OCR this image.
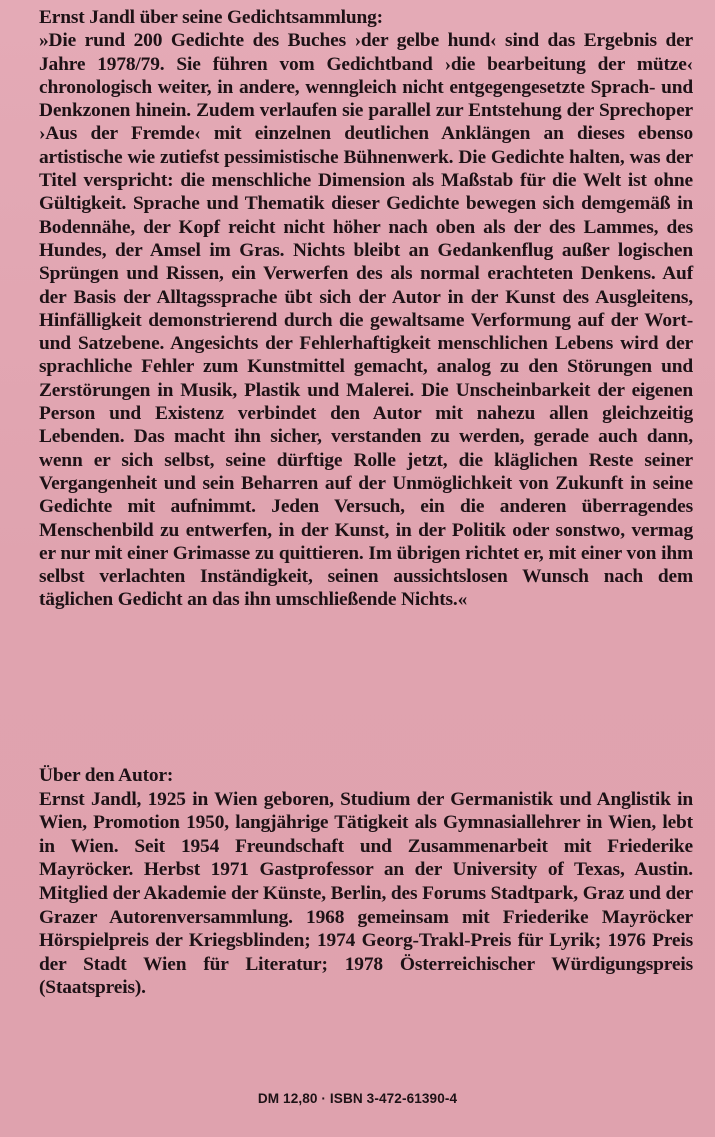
Ernst Jandl über seine Gedichtsammlung:

»Die rund 200 Gedichte des Buches ›der gelbe hund‹ sind das Ergebnis der Jahre 1978/79. Sie führen vom Gedichtband ›die bearbeitung der mütze‹ chronologisch weiter, in andere, wenngleich nicht entgegengesetzte Sprach- und Denkzonen hinein. Zudem verlaufen sie parallel zur Entstehung der Sprechoper ›Aus der Fremde‹ mit einzelnen deutlichen Anklängen an dieses ebenso artistische wie zutiefst pessimistische Bühnenwerk. Die Gedichte halten, was der Titel verspricht: die menschliche Dimension als Maßstab für die Welt ist ohne Gültigkeit. Sprache und Thematik dieser Gedichte bewegen sich demgemäß in Bodennähe, der Kopf reicht nicht höher nach oben als der des Lammes, des Hundes, der Amsel im Gras. Nichts bleibt an Gedankenflug außer logischen Sprüngen und Rissen, ein Verwerfen des als normal erachteten Denkens. Auf der Basis der Alltagssprache übt sich der Autor in der Kunst des Ausgleitens, Hinfälligkeit demonstrierend durch die gewaltsame Verformung auf der Wort- und Satzebene. Angesichts der Fehlerhaftigkeit menschlichen Lebens wird der sprachliche Fehler zum Kunstmittel gemacht, analog zu den Störungen und Zerstörungen in Musik, Plastik und Malerei. Die Unscheinbarkeit der eigenen Person und Existenz verbindet den Autor mit nahezu allen gleichzeitig Lebenden. Das macht ihn sicher, verstanden zu werden, gerade auch dann, wenn er sich selbst, seine dürftige Rolle jetzt, die kläglichen Reste seiner Vergangenheit und sein Beharren auf der Unmöglichkeit von Zukunft in seine Gedichte mit aufnimmt. Jeden Versuch, ein die anderen überragendes Menschenbild zu entwerfen, in der Kunst, in der Politik oder sonstwo, vermag er nur mit einer Grimasse zu quittieren. Im übrigen richtet er, mit einer von ihm selbst verlachten Inständigkeit, seinen aussichtslosen Wunsch nach dem täglichen Gedicht an das ihn umschließende Nichts.«

Über den Autor:

Ernst Jandl, 1925 in Wien geboren, Studium der Germanistik und Anglistik in Wien, Promotion 1950, langjährige Tätigkeit als Gymnasiallehrer in Wien, lebt in Wien. Seit 1954 Freundschaft und Zusammenarbeit mit Friederike Mayröcker. Herbst 1971 Gastprofessor an der University of Texas, Austin. Mitglied der Akademie der Künste, Berlin, des Forums Stadtpark, Graz und der Grazer Autorenversammlung. 1968 gemeinsam mit Friederike Mayröcker Hörspielpreis der Kriegsblinden; 1974 Georg-Trakl-Preis für Lyrik; 1976 Preis der Stadt Wien für Literatur; 1978 Österreichischer Würdigungspreis (Staatspreis).

DM 12,80 · ISBN 3-472-61390-4
